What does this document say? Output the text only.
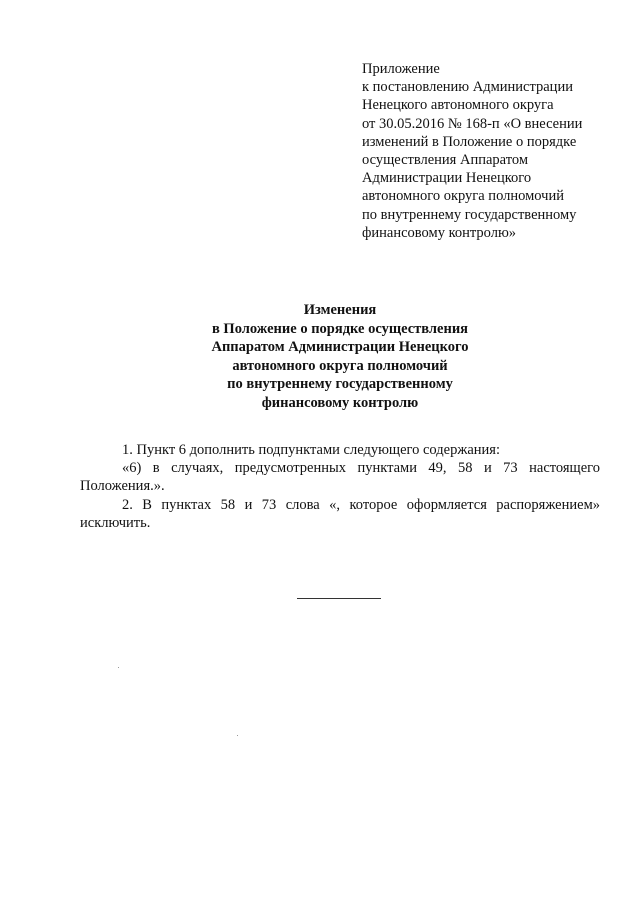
Приложение
к постановлению Администрации
Ненецкого автономного округа
от 30.05.2016 № 168-п «О внесении
изменений в Положение о порядке
осуществления Аппаратом
Администрации Ненецкого
автономного округа полномочий
по внутреннему государственному
финансовому контролю»
Изменения
в Положение о порядке осуществления
Аппаратом Администрации Ненецкого
автономного округа полномочий
по внутреннему государственному
финансовому контролю

1. Пункт 6 дополнить подпунктами следующего содержания:

«6) в случаях, предусмотренных пунктами 49, 58 и 73 настоящего Положения.».

2. В пунктах 58 и 73 слова «, которое оформляется распоряжением» исключить.
